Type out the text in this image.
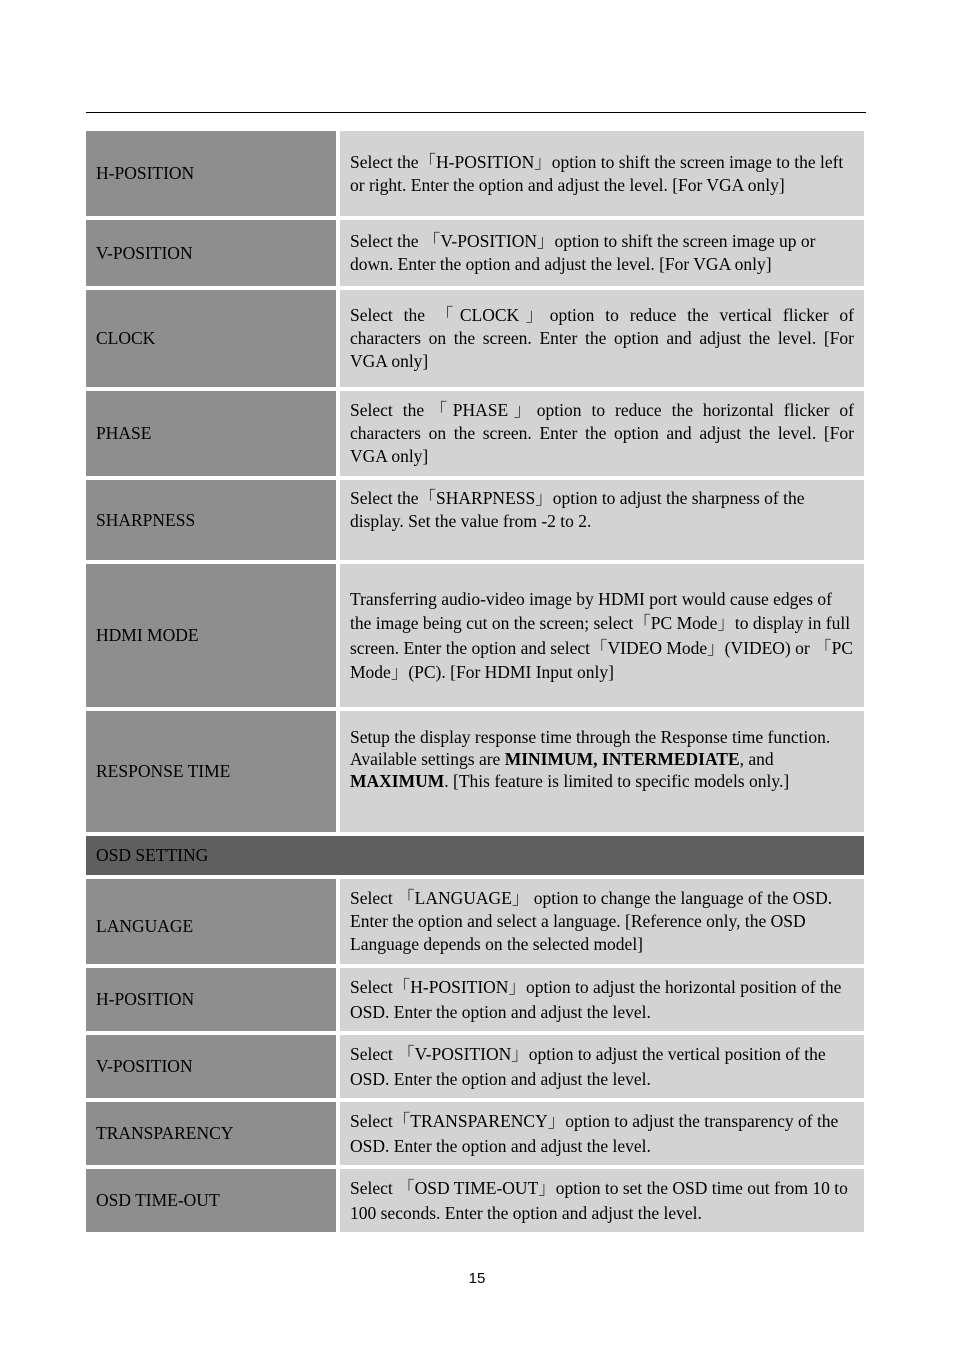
H-POSITION
Select the「H-POSITION」option to shift the screen image to the left or right. Enter the option and adjust the level. [For VGA only]
V-POSITION
Select the 「V-POSITION」option to shift the screen image up or down. Enter the option and adjust the level. [For VGA only]
CLOCK
Select the 「CLOCK」option to reduce the vertical flicker of characters on the screen. Enter the option and adjust the level. [For VGA only]
PHASE
Select the「PHASE」option to reduce the horizontal flicker of characters on the screen. Enter the option and adjust the level. [For VGA only]
SHARPNESS
Select the「SHARPNESS」option to adjust the sharpness of the display. Set the value from -2 to 2.
HDMI MODE
Transferring audio-video image by HDMI port would cause edges of the image being cut on the screen; select「PC Mode」to display in full screen. Enter the option and select「VIDEO Mode」(VIDEO) or 「PC Mode」(PC). [For HDMI Input only]
RESPONSE TIME
Setup the display response time through the Response time function. Available settings are MINIMUM, INTERMEDIATE, and MAXIMUM. [This feature is limited to specific models only.]
OSD SETTING
LANGUAGE
Select 「LANGUAGE」 option to change the language of the OSD. Enter the option and select a language. [Reference only, the OSD Language depends on the selected model]
H-POSITION
Select「H-POSITION」option to adjust the horizontal position of the OSD. Enter the option and adjust the level.
V-POSITION
Select 「V-POSITION」option to adjust the vertical position of the OSD. Enter the option and adjust the level.
TRANSPARENCY
Select「TRANSPARENCY」option to adjust the transparency of the OSD. Enter the option and adjust the level.
OSD TIME-OUT
Select 「OSD TIME-OUT」option to set the OSD time out from 10 to 100 seconds. Enter the option and adjust the level.
15
